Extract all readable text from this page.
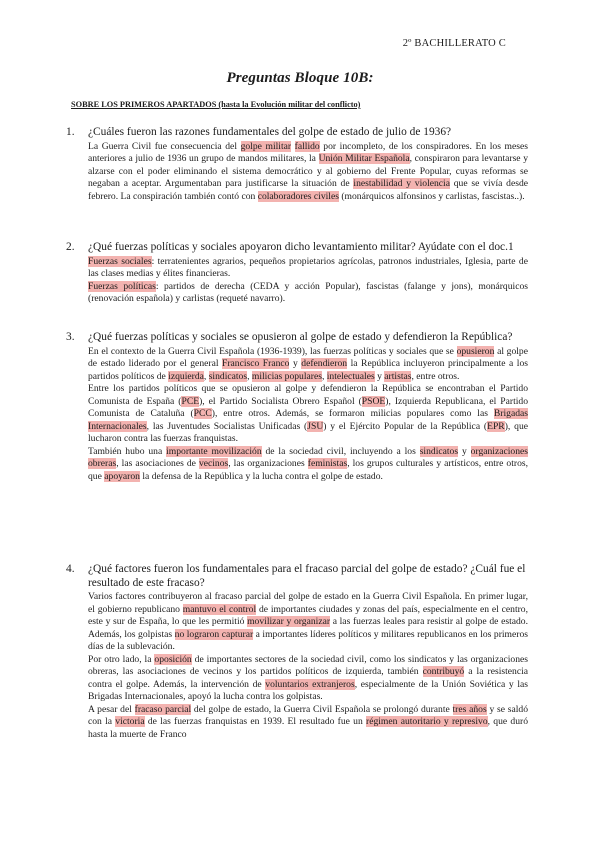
2º BACHILLERATO C
Preguntas Bloque 10B:
SOBRE LOS PRIMEROS APARTADOS (hasta la Evolución militar del conflicto)
1. ¿Cuáles fueron las razones fundamentales del golpe de estado de julio de 1936?

La Guerra Civil fue consecuencia del golpe militar fallido por incompleto, de los conspiradores. En los meses anteriores a julio de 1936 un grupo de mandos militares, la Unión Militar Española, conspiraron para levantarse y alzarse con el poder eliminando el sistema democrático y al gobierno del Frente Popular, cuyas reformas se negaban a aceptar. Argumentaban para justificarse la situación de inestabilidad y violencia que se vivía desde febrero. La conspiración también contó con colaboradores civiles (monárquicos alfonsinos y carlistas, fascistas..).

2. ¿Qué fuerzas políticas y sociales apoyaron dicho levantamiento militar? Ayúdate con el doc.1

Fuerzas sociales: terratenientes agrarios, pequeños propietarios agrícolas, patronos industriales, Iglesia, parte de las clases medias y élites financieras.

Fuerzas políticas: partidos de derecha (CEDA y acción Popular), fascistas (falange y jons), monárquicos (renovación española) y carlistas (requeté navarro).

3. ¿Qué fuerzas políticas y sociales se opusieron al golpe de estado y defendieron la República?

En el contexto de la Guerra Civil Española (1936-1939), las fuerzas políticas y sociales que se opusieron al golpe de estado liderado por el general Francisco Franco y defendieron la República incluyeron principalmente a los partidos políticos de izquierda, sindicatos, milicias populares, intelectuales y artistas, entre otros.

Entre los partidos políticos que se opusieron al golpe y defendieron la República se encontraban el Partido Comunista de España (PCE), el Partido Socialista Obrero Español (PSOE), Izquierda Republicana, el Partido Comunista de Cataluña (PCC), entre otros. Además, se formaron milicias populares como las Brigadas Internacionales, las Juventudes Socialistas Unificadas (JSU) y el Ejército Popular de la República (EPR), que lucharon contra las fuerzas franquistas.

También hubo una importante movilización de la sociedad civil, incluyendo a los sindicatos y organizaciones obreras, las asociaciones de vecinos, las organizaciones feministas, los grupos culturales y artísticos, entre otros, que apoyaron la defensa de la República y la lucha contra el golpe de estado.

4. ¿Qué factores fueron los fundamentales para el fracaso parcial del golpe de estado? ¿Cuál fue el resultado de este fracaso?

Varios factores contribuyeron al fracaso parcial del golpe de estado en la Guerra Civil Española. En primer lugar, el gobierno republicano mantuvo el control de importantes ciudades y zonas del país, especialmente en el centro, este y sur de España, lo que les permitió movilizar y organizar a las fuerzas leales para resistir al golpe de estado. Además, los golpistas no lograron capturar a importantes líderes políticos y militares republicanos en los primeros días de la sublevación.

Por otro lado, la oposición de importantes sectores de la sociedad civil, como los sindicatos y las organizaciones obreras, las asociaciones de vecinos y los partidos políticos de izquierda, también contribuyó a la resistencia contra el golpe. Además, la intervención de voluntarios extranjeros, especialmente de la Unión Soviética y las Brigadas Internacionales, apoyó la lucha contra los golpistas.

A pesar del fracaso parcial del golpe de estado, la Guerra Civil Española se prolongó durante tres años y se saldó con la victoria de las fuerzas franquistas en 1939. El resultado fue un régimen autoritario y represivo, que duró hasta la muerte de Franco
